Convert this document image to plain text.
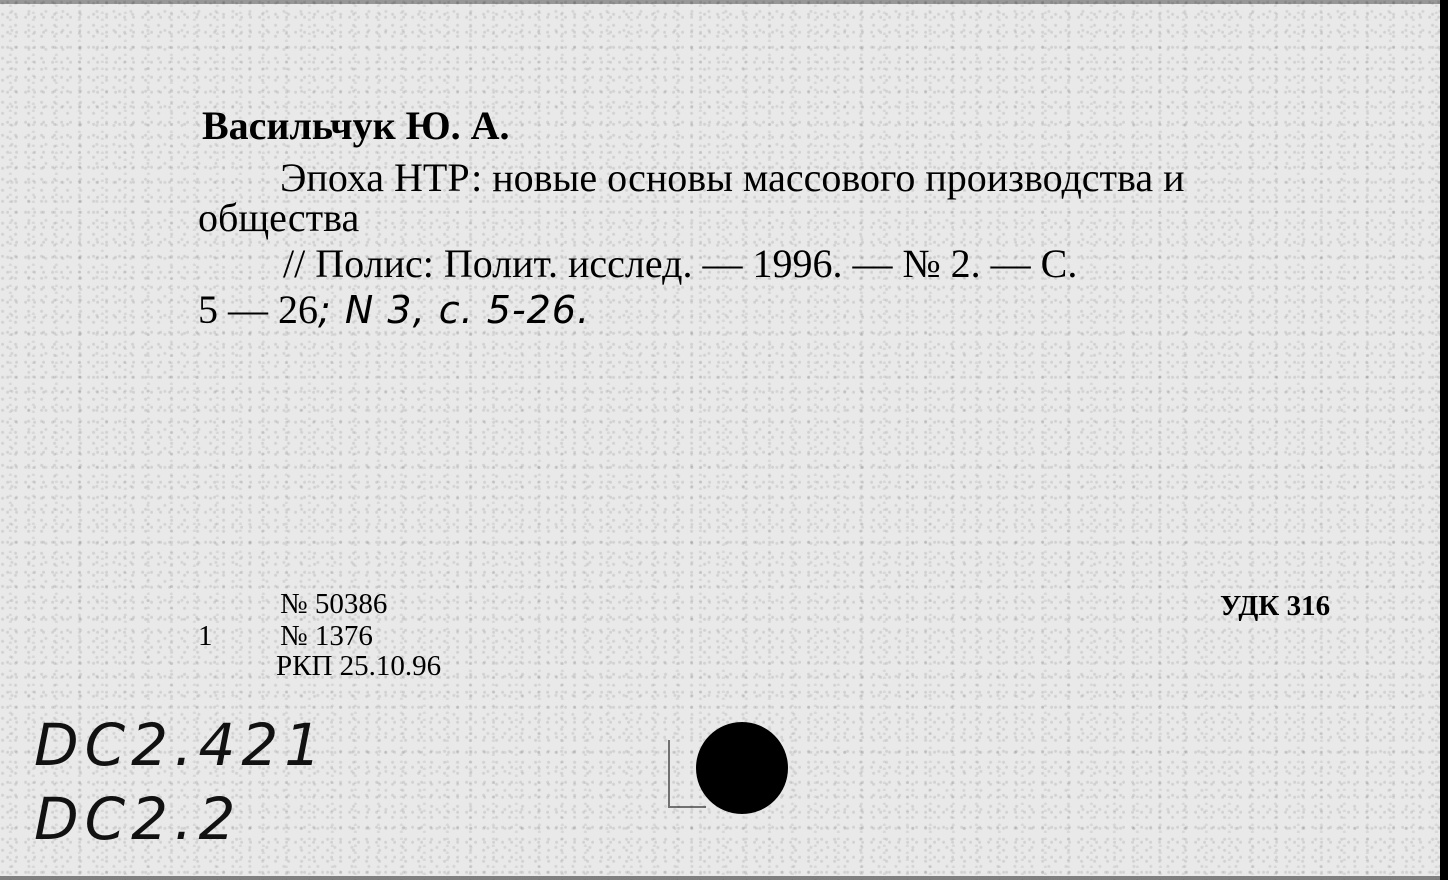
Васильчук Ю. А.
Эпоха НТР: новые основы массового производства и
общества
// Полис: Полит. исслед. — 1996. — № 2. — С.
5 — 26; N 3, с. 5-26.
1
№ 50386
№ 1376
РКП 25.10.96
УДК 316
DC2.421
DC2.2
